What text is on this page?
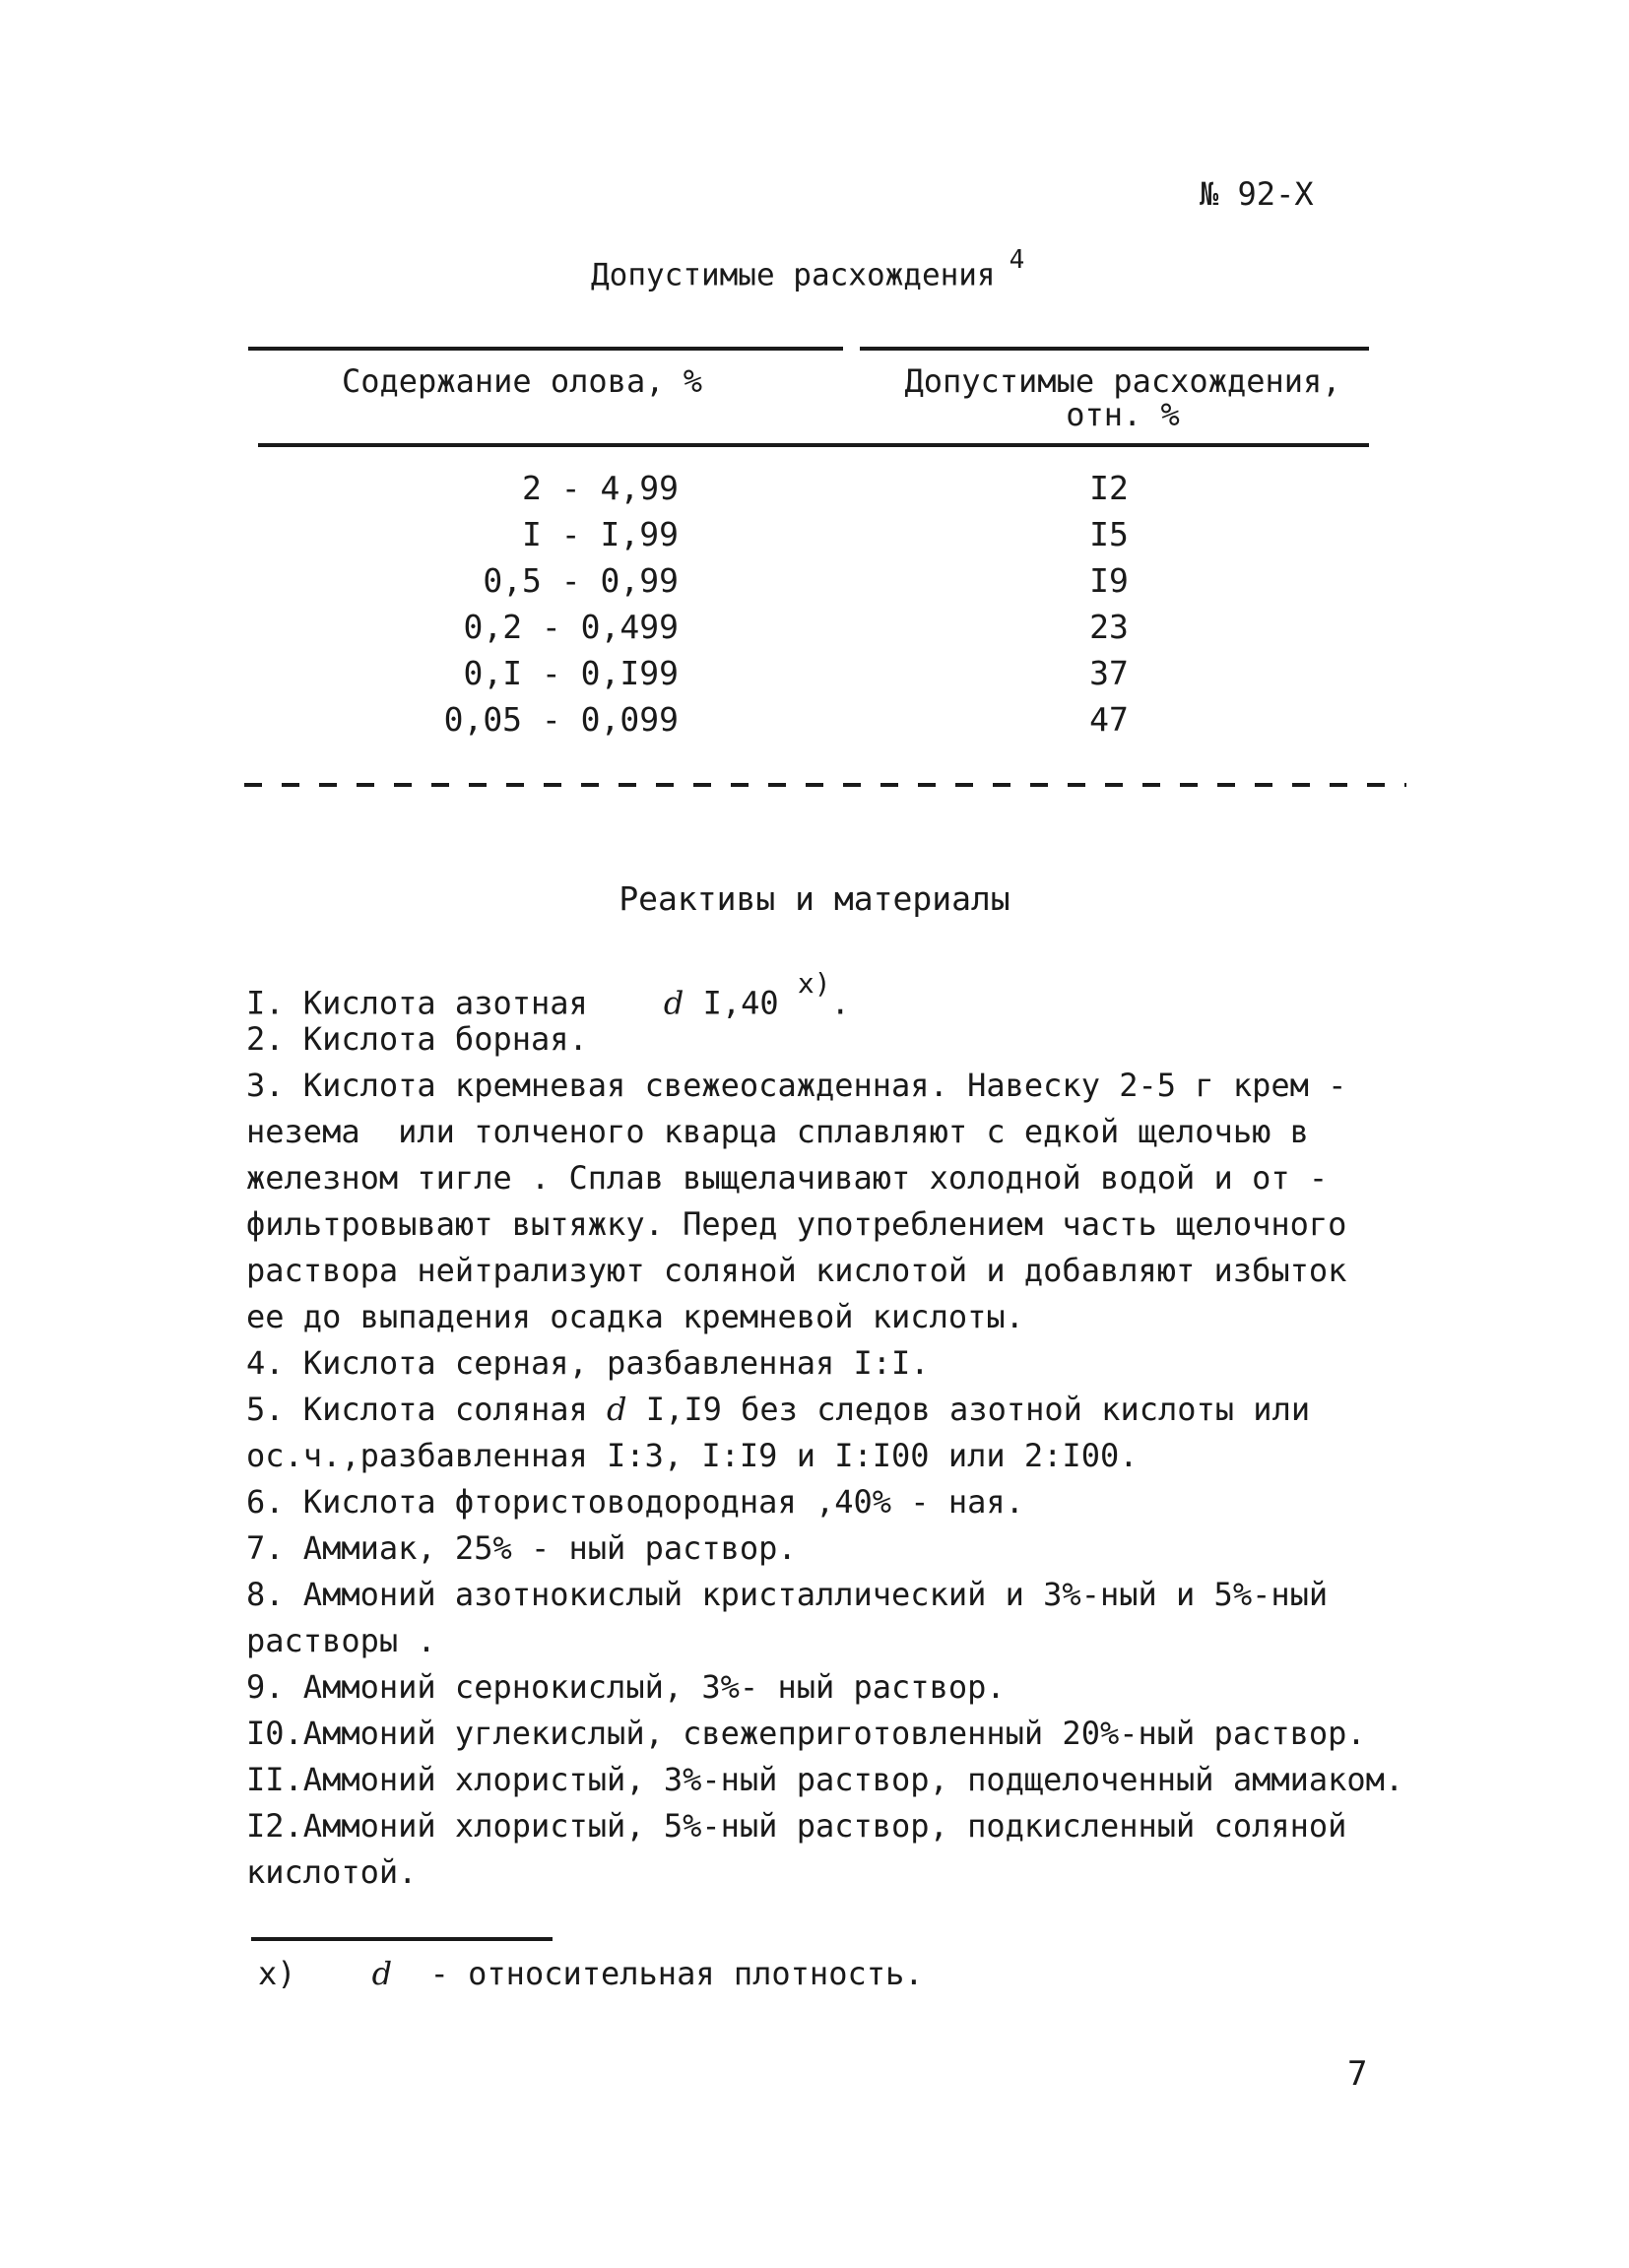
№ 92-Х
Допустимые расхождения $^4$
Содержание олова, %	Допустимые расхождения,
отн. %
2 - 4,99	I2
I - I,99	I5
0,5 - 0,99	I9
0,2 - 0,499	23
0,I - 0,I99	37
0,05 - 0,099	47
Реактивы и материалы
I. Кислота азотная d I,40 $^{х)}$.
2. Кислота борная.
3. Кислота кремневая свежеосажденная. Навеску 2-5 г крем -
незема  или толченого кварца сплавляют с едкой щелочью в
железном тигле . Сплав выщелачивают холодной водой и от -
фильтровывают вытяжку. Перед употреблением часть щелочного
раствора нейтрализуют соляной кислотой и добавляют избыток
ее до выпадения осадка кремневой кислоты.
4. Кислота серная, разбавленная I:I.
5. Кислота соляная d I,I9 без следов азотной кислоты или
ос.ч.,разбавленная I:3, I:I9 и I:I00 или 2:I00.
6. Кислота фтористоводородная ,40% - ная.
7. Аммиак, 25% - ный раствор.
8. Аммоний азотнокислый кристаллический и 3%-ный и 5%-ный
растворы .
9. Аммоний сернокислый, 3%- ный раствор.
I0.Аммоний углекислый, свежеприготовленный 20%-ный раствор.
II.Аммоний хлористый, 3%-ный раствор, подщелоченный аммиаком.
I2.Аммоний хлористый, 5%-ный раствор, подкисленный соляной
кислотой.
х) d - относительная плотность.
7
